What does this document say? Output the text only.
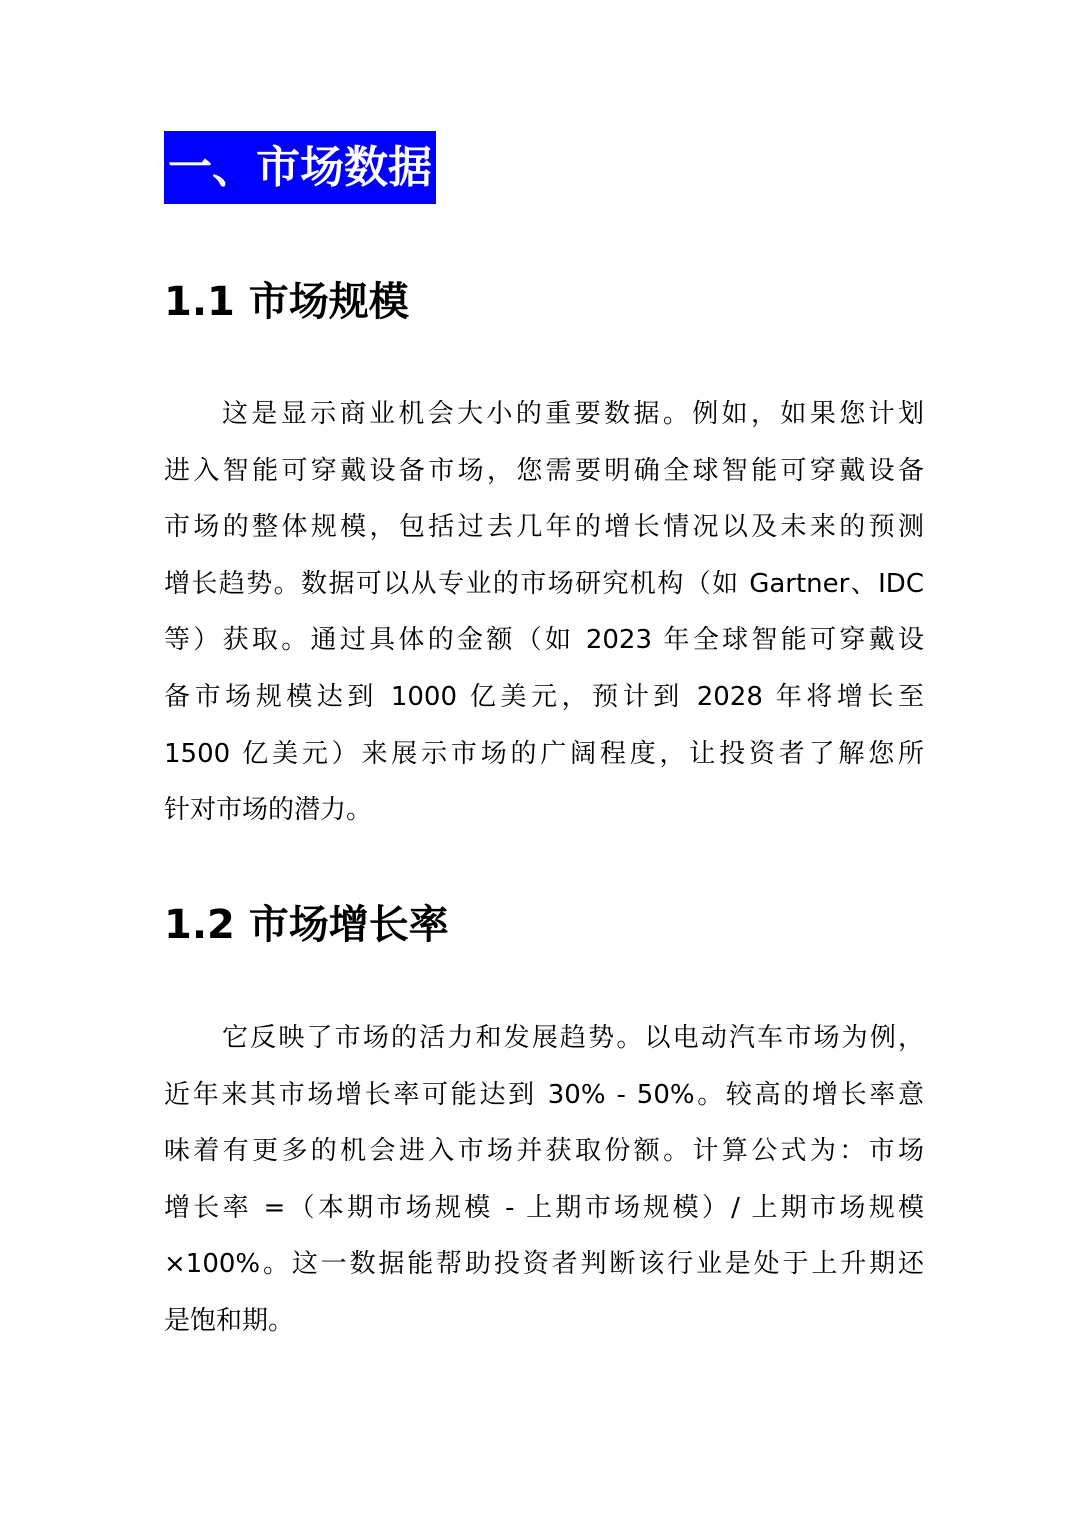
一、市场数据
1.1 市场规模
这是显示商业机会大小的重要数据。例如，如果您计划
进入智能可穿戴设备市场，您需要明确全球智能可穿戴设备
市场的整体规模，包括过去几年的增长情况以及未来的预测
增长趋势。数据可以从专业的市场研究机构（如 Gartner、IDC
等）获取。通过具体的金额（如 2023 年全球智能可穿戴设
备市场规模达到 1000 亿美元，预计到 2028 年将增长至
1500 亿美元）来展示市场的广阔程度，让投资者了解您所
针对市场的潜力。
1.2 市场增长率
它反映了市场的活力和发展趋势。以电动汽车市场为例，
近年来其市场增长率可能达到 30% - 50%。较高的增长率意
味着有更多的机会进入市场并获取份额。计算公式为：市场
增长率 =（本期市场规模 - 上期市场规模）/ 上期市场规模
×100%。这一数据能帮助投资者判断该行业是处于上升期还
是饱和期。
